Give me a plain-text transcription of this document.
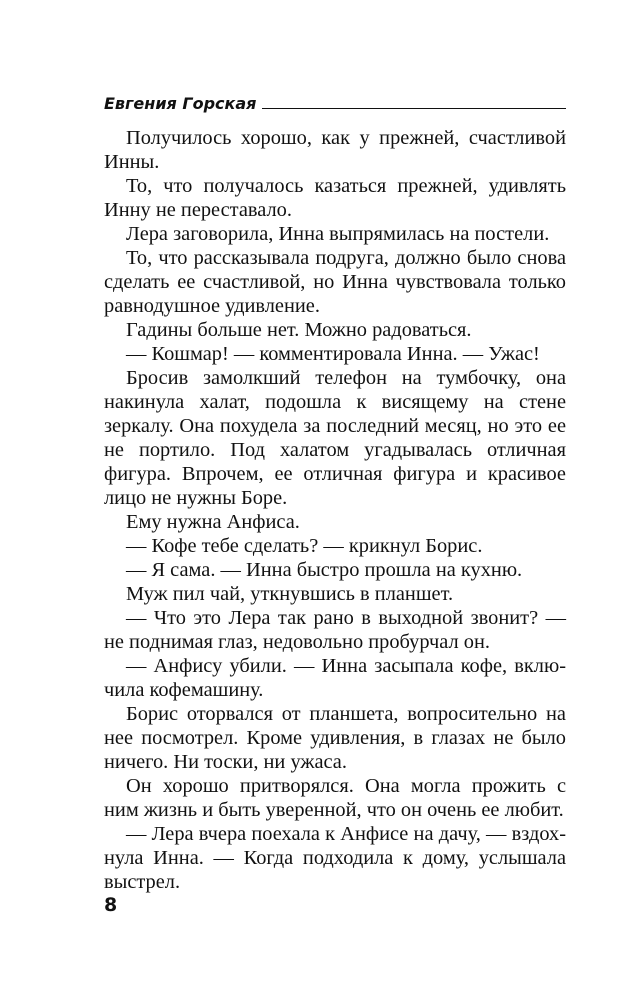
Евгения Горская

Получилось хорошо, как у прежней, счастливой Инны.

То, что получалось казаться прежней, удивлять Инну не переставало.

Лера заговорила, Инна выпрямилась на постели.

То, что рассказывала подруга, должно было снова сделать ее счастливой, но Инна чувствовала только равнодушное удивление.

Гадины больше нет. Можно радоваться.

— Кошмар! — комментировала Инна. — Ужас!

Бросив замолкший телефон на тумбочку, она накинула халат, подошла к висящему на стене зеркалу. Она похудела за последний месяц, но это ее не портило. Под халатом угадывалась отличная фигура. Впрочем, ее отличная фигура и красивое лицо не нужны Боре.

Ему нужна Анфиса.

— Кофе тебе сделать? — крикнул Борис.

— Я сама. — Инна быстро прошла на кухню.

Муж пил чай, уткнувшись в планшет.

— Что это Лера так рано в выходной звонит? — не поднимая глаз, недовольно пробурчал он.

— Анфису убили. — Инна засыпала кофе, включила кофемашину.

Борис оторвался от планшета, вопросительно на нее посмотрел. Кроме удивления, в глазах не было ничего. Ни тоски, ни ужаса.

Он хорошо притворялся. Она могла прожить с ним жизнь и быть уверенной, что он очень ее любит.

— Лера вчера поехала к Анфисе на дачу, — вздохнула Инна. — Когда подходила к дому, услышала выстрел.

8
